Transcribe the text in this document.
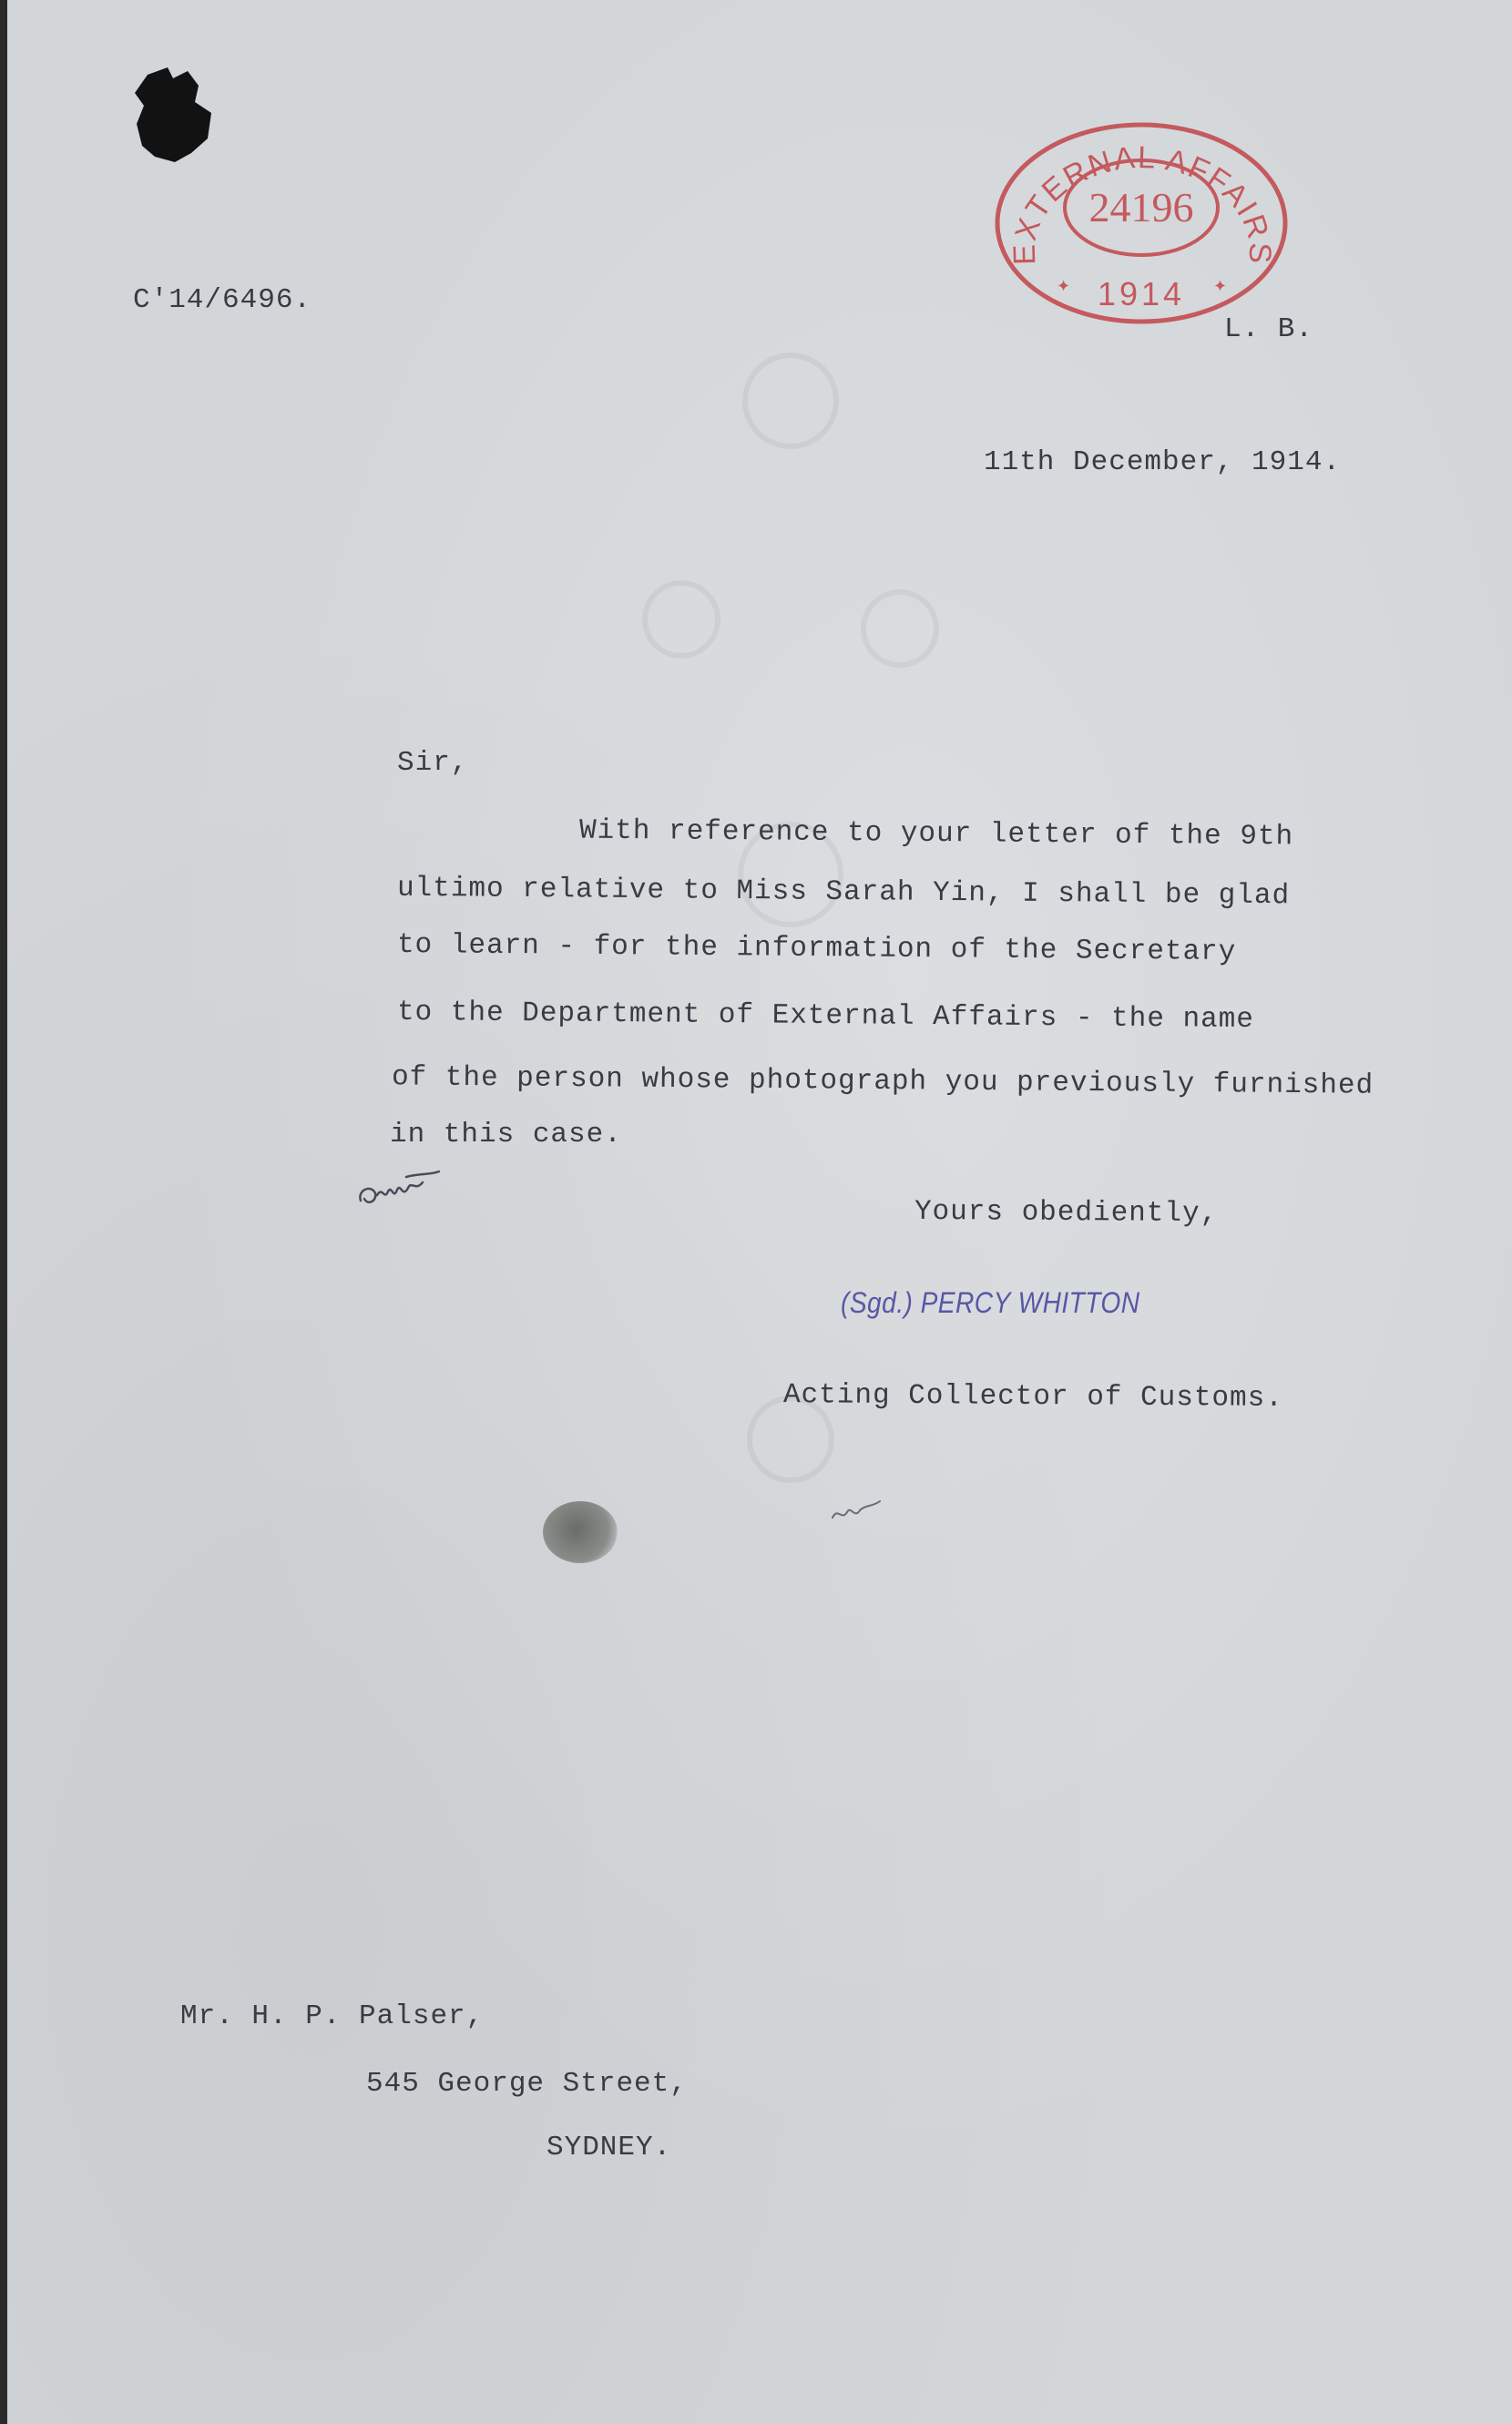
C'14/6496.
EXTERNAL AFFAIRS
24196
1914
✦	✦
L. B.
11th December, 1914.
Sir,
With reference to your letter of the 9th
ultimo relative to Miss Sarah Yin, I shall be glad
to learn - for the information of the Secretary
to the Department of External Affairs - the name
of the person whose photograph you previously furnished
in this case.
Yours obediently,
(Sgd.) PERCY WHITTON
Acting Collector of Customs.
Mr. H. P. Palser,
545 George Street,
SYDNEY.
